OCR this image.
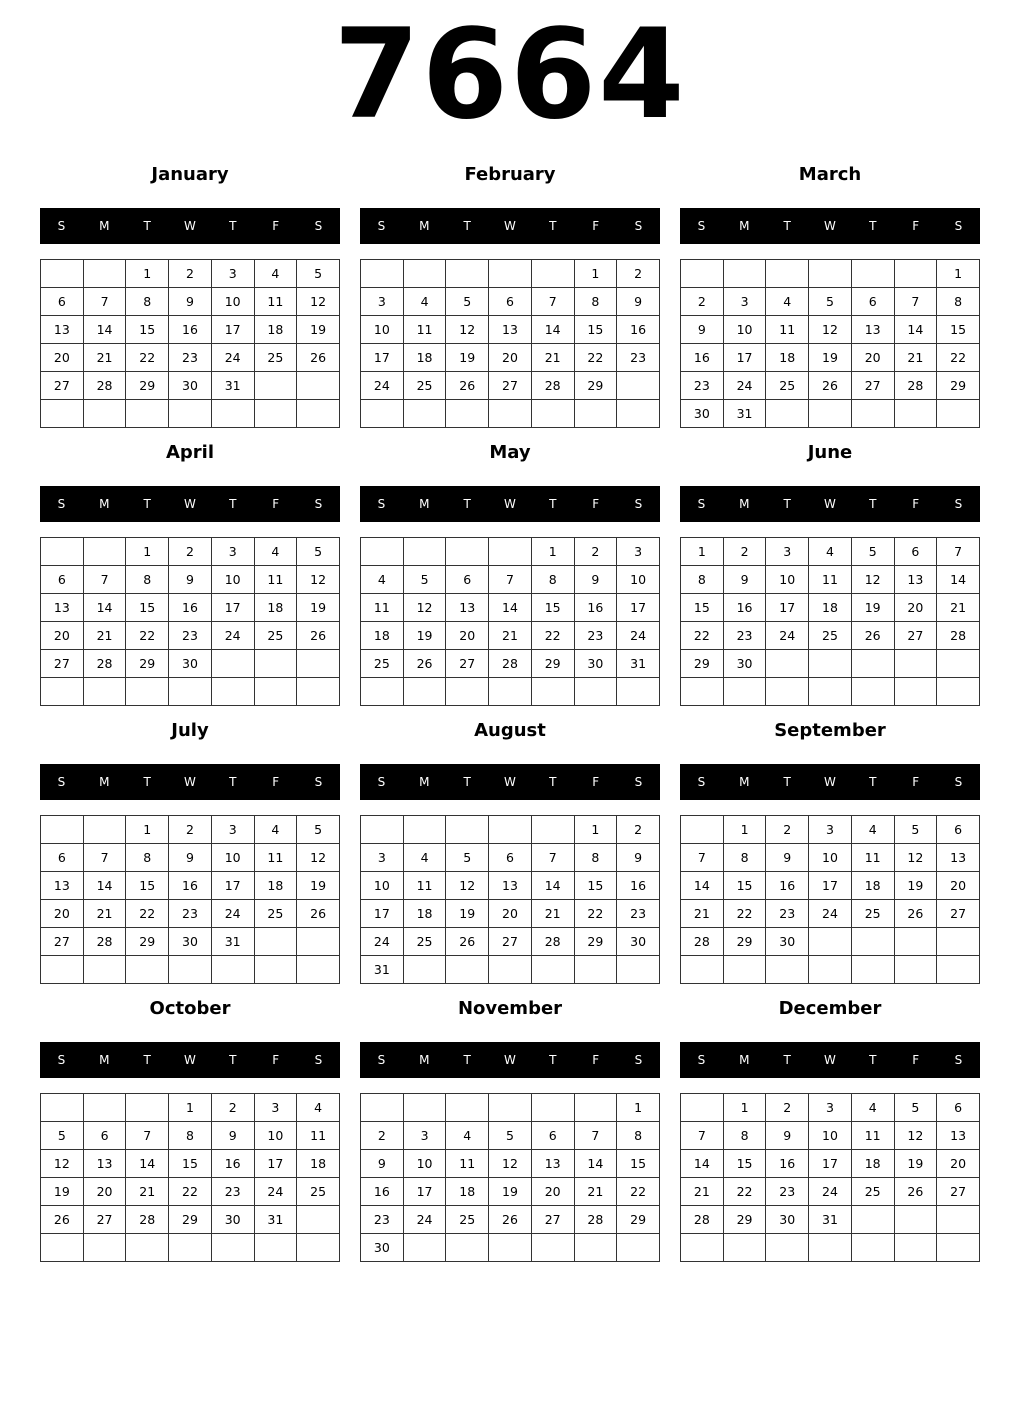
7664
January
S	M	T	W	T	F	S
		1	2	3	4	5
6	7	8	9	10	11	12
13	14	15	16	17	18	19
20	21	22	23	24	25	26
27	28	29	30	31		

February
S	M	T	W	T	F	S
					1	2
3	4	5	6	7	8	9
10	11	12	13	14	15	16
17	18	19	20	21	22	23
24	25	26	27	28	29	

March
S	M	T	W	T	F	S
						1
2	3	4	5	6	7	8
9	10	11	12	13	14	15
16	17	18	19	20	21	22
23	24	25	26	27	28	29
30	31					
April
S	M	T	W	T	F	S
		1	2	3	4	5
6	7	8	9	10	11	12
13	14	15	16	17	18	19
20	21	22	23	24	25	26
27	28	29	30			

May
S	M	T	W	T	F	S
				1	2	3
4	5	6	7	8	9	10
11	12	13	14	15	16	17
18	19	20	21	22	23	24
25	26	27	28	29	30	31

June
S	M	T	W	T	F	S
1	2	3	4	5	6	7
8	9	10	11	12	13	14
15	16	17	18	19	20	21
22	23	24	25	26	27	28
29	30					

July
S	M	T	W	T	F	S
		1	2	3	4	5
6	7	8	9	10	11	12
13	14	15	16	17	18	19
20	21	22	23	24	25	26
27	28	29	30	31		

August
S	M	T	W	T	F	S
					1	2
3	4	5	6	7	8	9
10	11	12	13	14	15	16
17	18	19	20	21	22	23
24	25	26	27	28	29	30
31						
September
S	M	T	W	T	F	S
	1	2	3	4	5	6
7	8	9	10	11	12	13
14	15	16	17	18	19	20
21	22	23	24	25	26	27
28	29	30				

October
S	M	T	W	T	F	S
			1	2	3	4
5	6	7	8	9	10	11
12	13	14	15	16	17	18
19	20	21	22	23	24	25
26	27	28	29	30	31	

November
S	M	T	W	T	F	S
						1
2	3	4	5	6	7	8
9	10	11	12	13	14	15
16	17	18	19	20	21	22
23	24	25	26	27	28	29
30						
December
S	M	T	W	T	F	S
	1	2	3	4	5	6
7	8	9	10	11	12	13
14	15	16	17	18	19	20
21	22	23	24	25	26	27
28	29	30	31			
